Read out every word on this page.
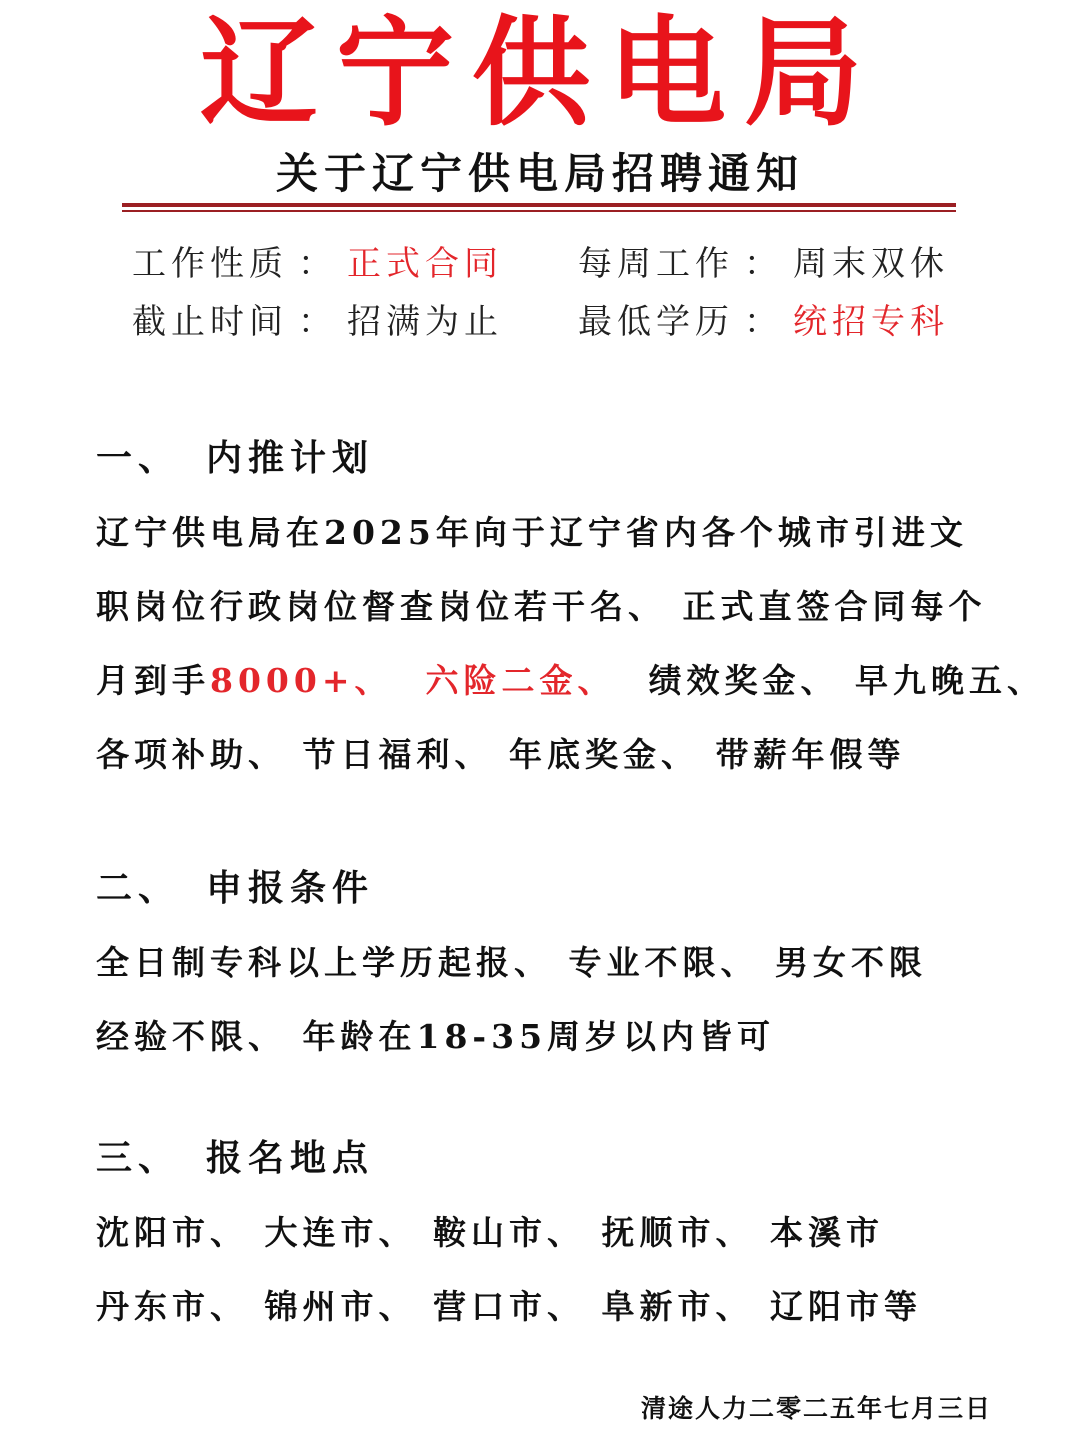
辽宁供电局
关于辽宁供电局招聘通知
工作性质 ： 正式合同 每周工作 ： 周末双休
截止时间 ： 招满为止 最低学历 ： 统招专科
一、 内推计划
辽宁供电局在2025年向于辽宁省内各个城市引进文
职岗位行政岗位督查岗位若干名、 正式直签合同每个
月到手8000+、 六险二金、 绩效奖金、 早九晚五、
各项补助、 节日福利、 年底奖金、 带薪年假等
二、 申报条件
全日制专科以上学历起报、 专业不限、 男女不限
经验不限、 年龄在18-35周岁以内皆可
三、 报名地点
沈阳市、 大连市、 鞍山市、 抚顺市、 本溪市
丹东市、 锦州市、 营口市、 阜新市、 辽阳市等
清途人力二零二五年七月三日
